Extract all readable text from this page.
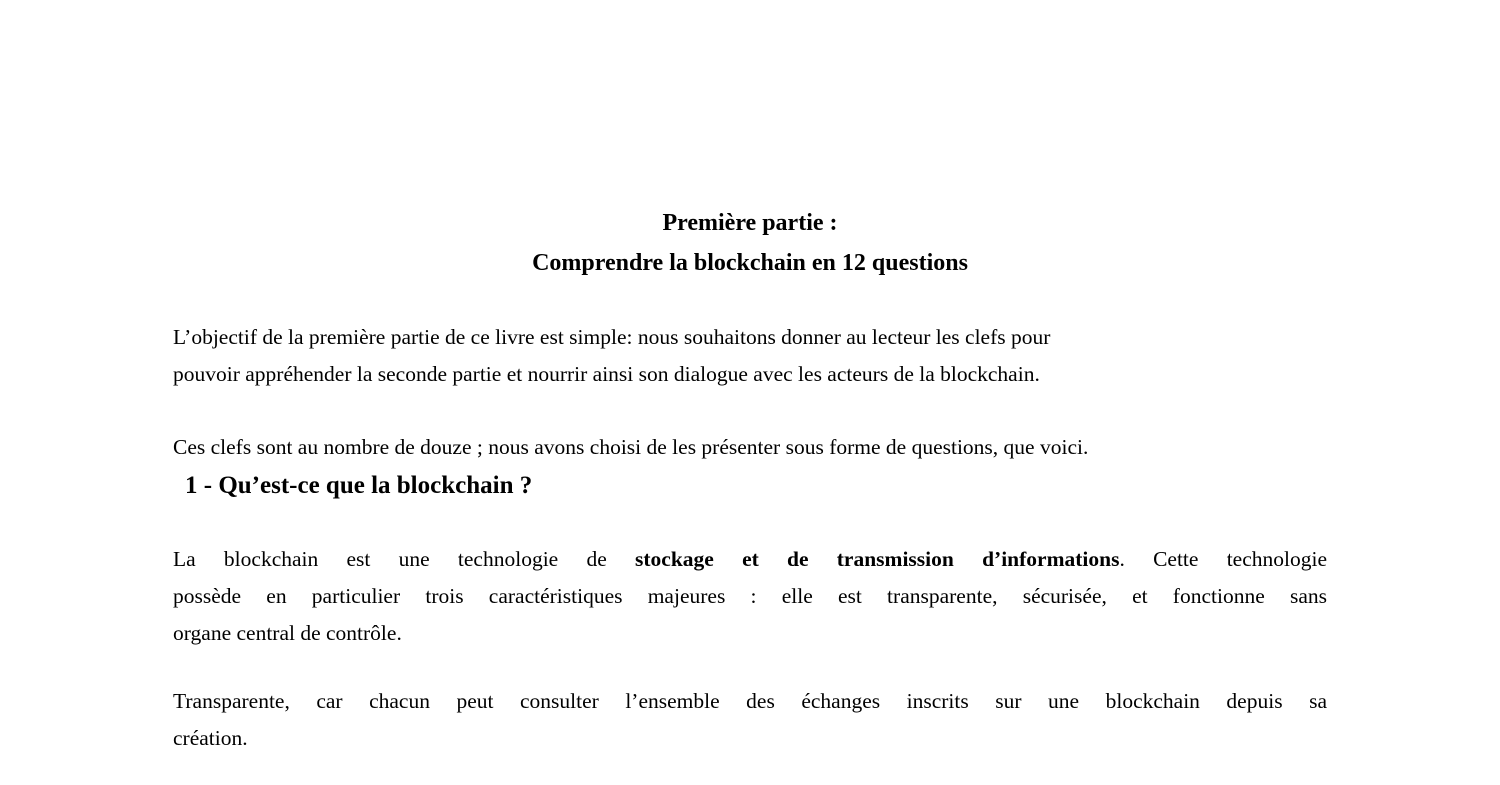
Première partie :
Comprendre la blockchain en 12 questions

L’objectif de la première partie de ce livre est simple: nous souhaitons donner au lecteur les clefs pour
pouvoir appréhender la seconde partie et nourrir ainsi son dialogue avec les acteurs de la blockchain.

Ces clefs sont au nombre de douze ; nous avons choisi de les présenter sous forme de questions, que voici.

1 - Qu’est-ce que la blockchain ?

La blockchain est une technologie de stockage et de transmission d’informations. Cette technologie
possède en particulier trois caractéristiques majeures : elle est transparente, sécurisée, et fonctionne sans
organe central de contrôle.

Transparente, car chacun peut consulter l’ensemble des échanges inscrits sur une blockchain depuis sa
création.
